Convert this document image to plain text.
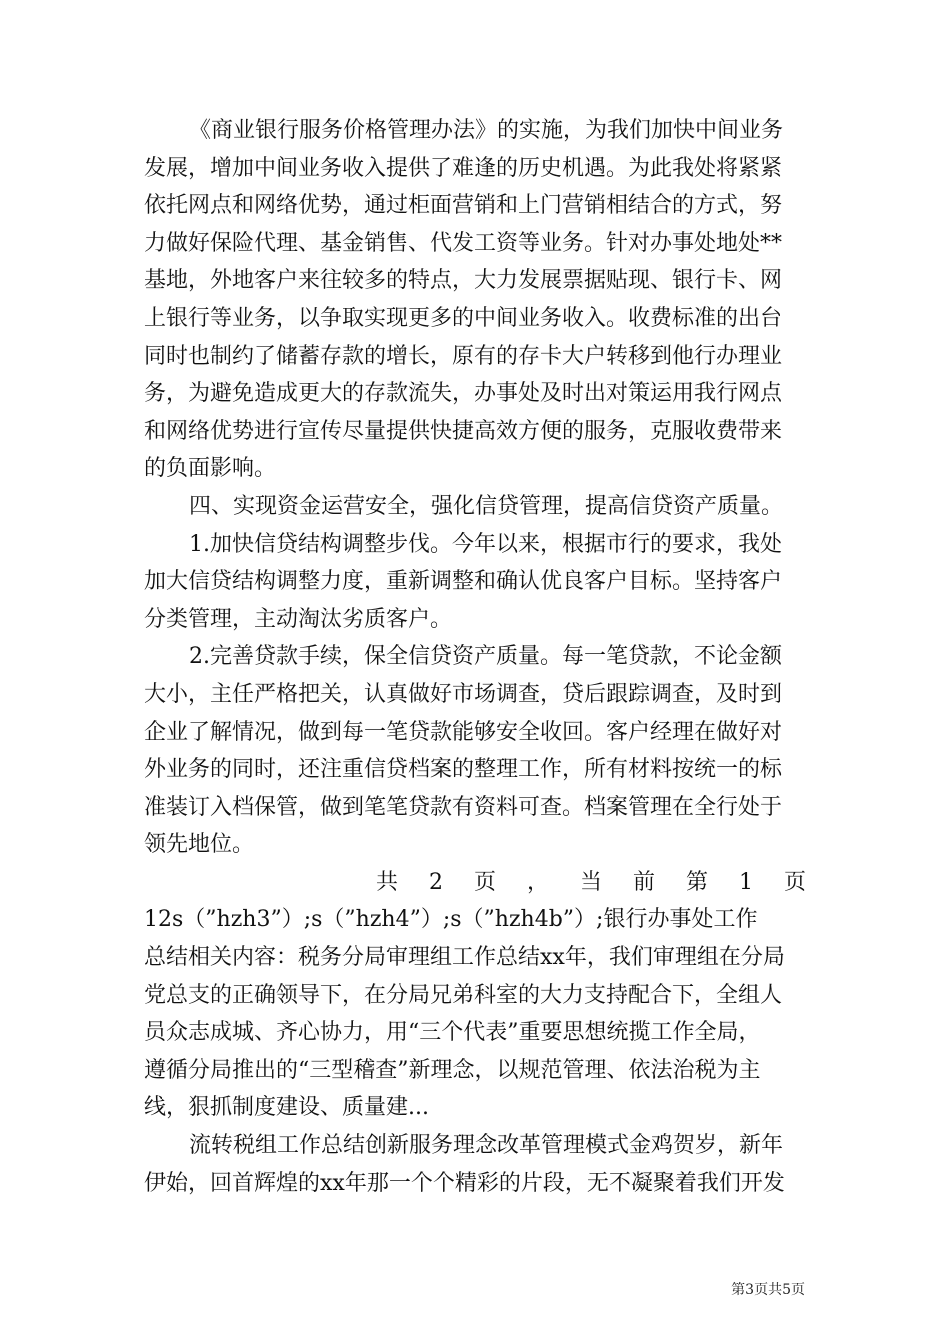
《商业银行服务价格管理办法》的实施，为我们加快中间业务
发展，增加中间业务收入提供了难逢的历史机遇。为此我处将紧紧
依托网点和网络优势，通过柜面营销和上门营销相结合的方式，努
力做好保险代理、基金销售、代发工资等业务。针对办事处地处**
基地，外地客户来往较多的特点，大力发展票据贴现、银行卡、网
上银行等业务，以争取实现更多的中间业务收入。收费标准的出台
同时也制约了储蓄存款的增长，原有的存卡大户转移到他行办理业
务，为避免造成更大的存款流失，办事处及时出对策运用我行网点
和网络优势进行宣传尽量提供快捷高效方便的服务，克服收费带来
的负面影响。
四、实现资金运营安全，强化信贷管理，提高信贷资产质量。
1.加快信贷结构调整步伐。今年以来，根据市行的要求，我处
加大信贷结构调整力度，重新调整和确认优良客户目标。坚持客户
分类管理，主动淘汰劣质客户。
2.完善贷款手续，保全信贷资产质量。每一笔贷款，不论金额
大小，主任严格把关，认真做好市场调查，贷后跟踪调查，及时到
企业了解情况，做到每一笔贷款能够安全收回。客户经理在做好对
外业务的同时，还注重信贷档案的整理工作，所有材料按统一的标
准装订入档保管，做到笔笔贷款有资料可查。档案管理在全行处于
领先地位。
共 2 页 ， 当 前 第 1 页
12s（”hzh3”）;s（”hzh4”）;s（”hzh4b”）;银行办事处工作
总结相关内容：税务分局审理组工作总结xx年，我们审理组在分局
党总支的正确领导下，在分局兄弟科室的大力支持配合下，全组人
员众志成城、齐心协力，用“三个代表”重要思想统揽工作全局，
遵循分局推出的“三型稽查”新理念，以规范管理、依法治税为主
线，狠抓制度建设、质量建...
流转税组工作总结创新服务理念改革管理模式金鸡贺岁，新年
伊始，回首辉煌的xx年那一个个精彩的片段，无不凝聚着我们开发
第3页共5页
